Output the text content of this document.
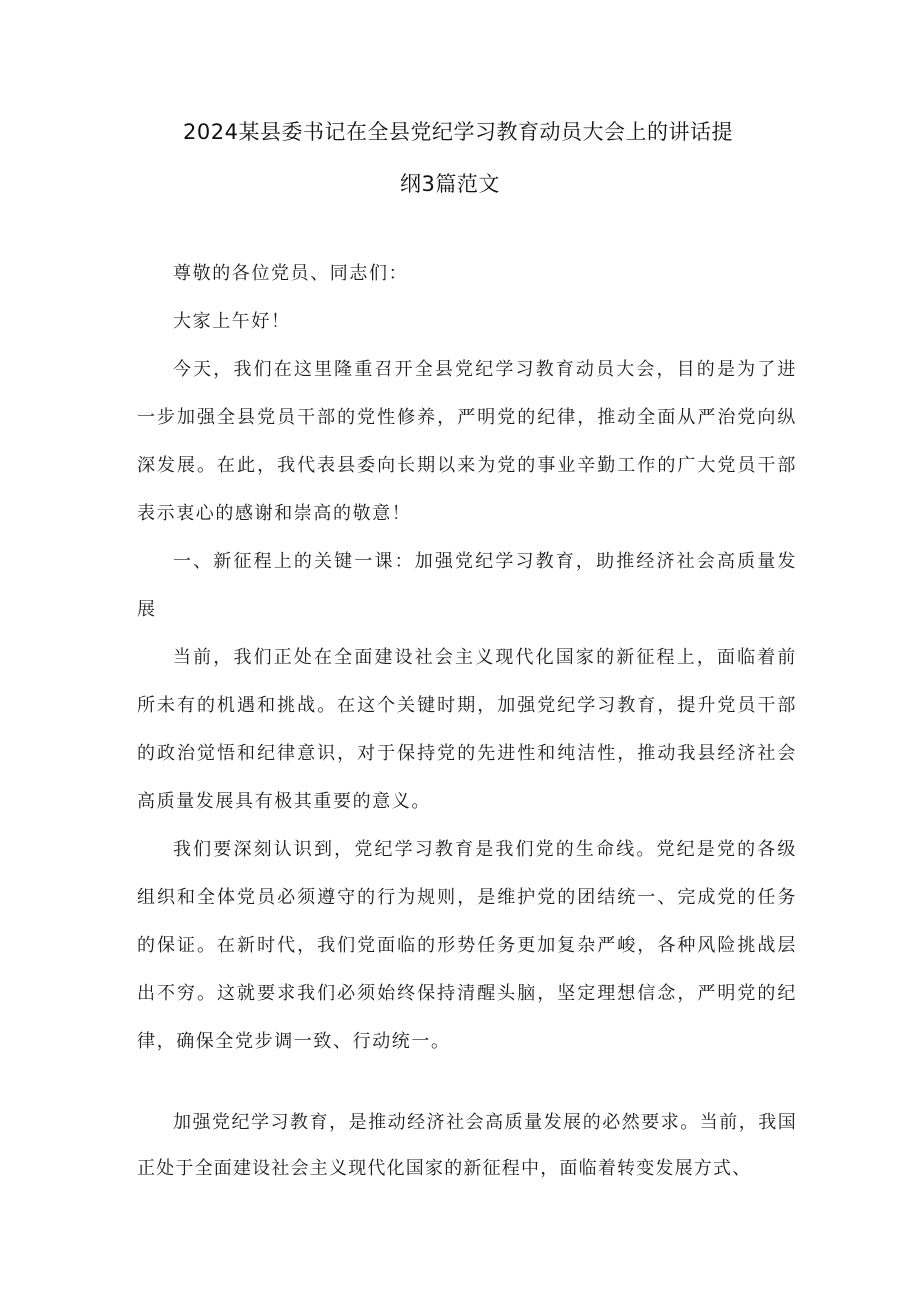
2024某县委书记在全县党纪学习教育动员大会上的讲话提
纲3篇范文

尊敬的各位党员、同志们：

大家上午好！

今天，我们在这里隆重召开全县党纪学习教育动员大会，目的是为了进一步加强全县党员干部的党性修养，严明党的纪律，推动全面从严治党向纵深发展。在此，我代表县委向长期以来为党的事业辛勤工作的广大党员干部表示衷心的感谢和崇高的敬意！

一、新征程上的关键一课：加强党纪学习教育，助推经济社会高质量发展

当前，我们正处在全面建设社会主义现代化国家的新征程上，面临着前所未有的机遇和挑战。在这个关键时期，加强党纪学习教育，提升党员干部的政治觉悟和纪律意识，对于保持党的先进性和纯洁性，推动我县经济社会高质量发展具有极其重要的意义。

我们要深刻认识到，党纪学习教育是我们党的生命线。党纪是党的各级组织和全体党员必须遵守的行为规则，是维护党的团结统一、完成党的任务的保证。在新时代，我们党面临的形势任务更加复杂严峻，各种风险挑战层出不穷。这就要求我们必须始终保持清醒头脑，坚定理想信念，严明党的纪律，确保全党步调一致、行动统一。

加强党纪学习教育，是推动经济社会高质量发展的必然要求。当前，我国正处于全面建设社会主义现代化国家的新征程中，面临着转变发展方式、
